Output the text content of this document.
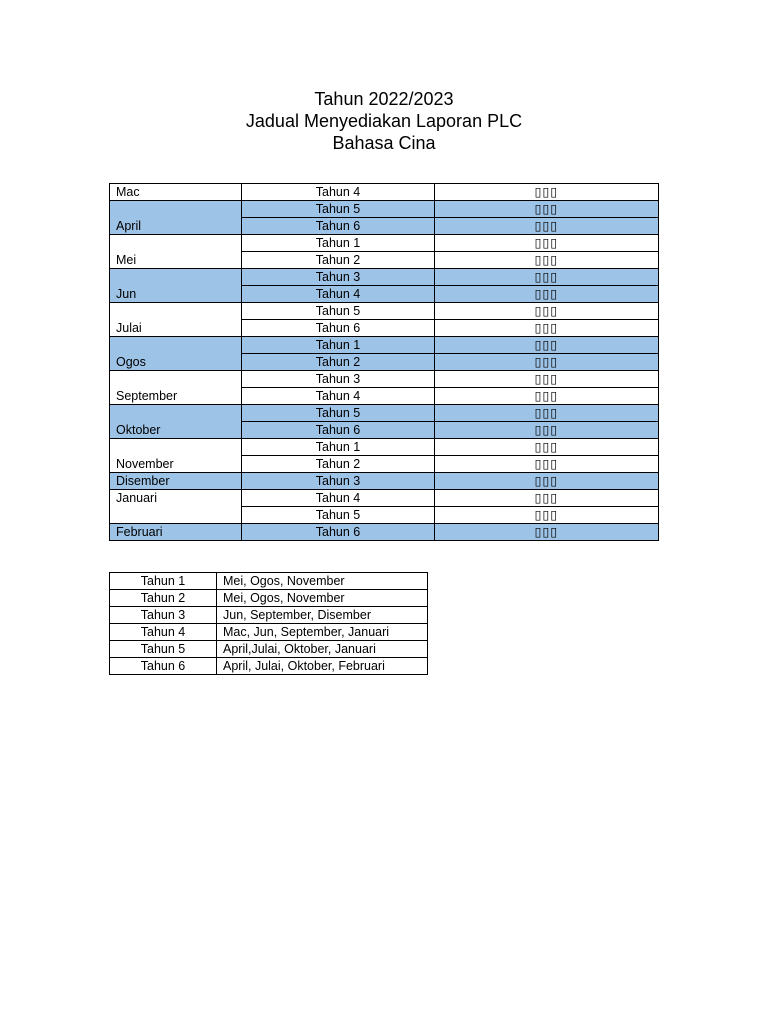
Tahun 2022/2023
Jadual Menyediakan Laporan PLC
Bahasa Cina
Mac	Tahun 4	▯▯▯
April	Tahun 5	▯▯▯
	Tahun 6	▯▯▯
Mei	Tahun 1	▯▯▯
	Tahun 2	▯▯▯
Jun	Tahun 3	▯▯▯
	Tahun 4	▯▯▯
Julai	Tahun 5	▯▯▯
	Tahun 6	▯▯▯
Ogos	Tahun 1	▯▯▯
	Tahun 2	▯▯▯
September	Tahun 3	▯▯▯
	Tahun 4	▯▯▯
Oktober	Tahun 5	▯▯▯
	Tahun 6	▯▯▯
November	Tahun 1	▯▯▯
	Tahun 2	▯▯▯
Disember	Tahun 3	▯▯▯
Januari	Tahun 4	▯▯▯
	Tahun 5	▯▯▯
Februari	Tahun 6	▯▯▯
Tahun 1	Mei, Ogos, November
Tahun 2	Mei, Ogos, November
Tahun 3	Jun, September, Disember
Tahun 4	Mac, Jun, September, Januari
Tahun 5	April,Julai, Oktober, Januari
Tahun 6	April, Julai, Oktober, Februari
